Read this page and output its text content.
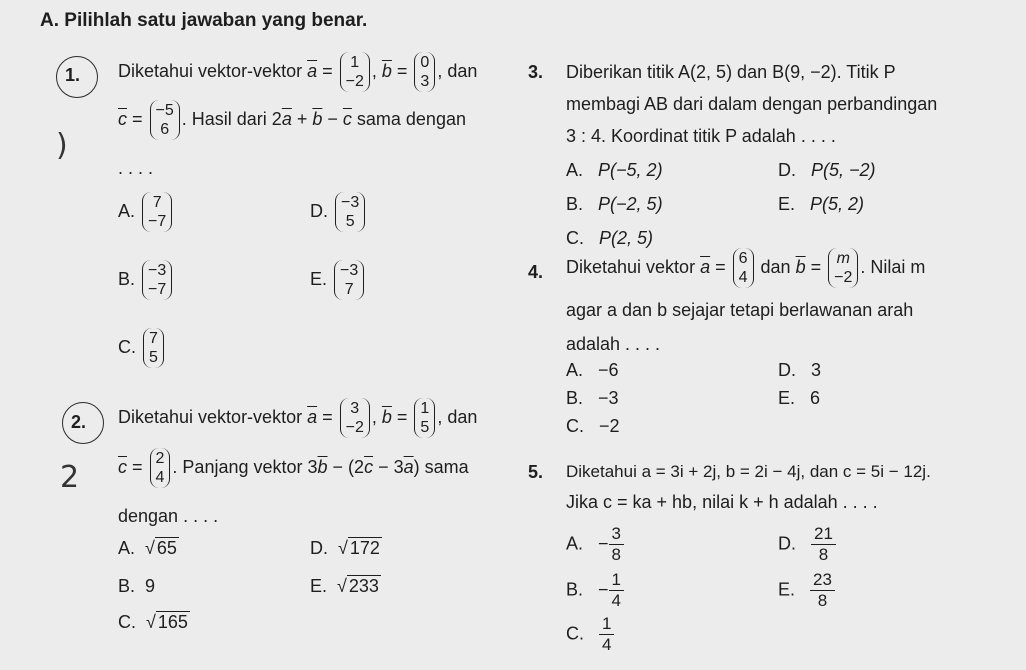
A. Pilihlah satu jawaban yang benar.
1. Diketahui vektor-vektor $\overline{a} = 1$
−2
, $\overline{b} = 0$
3
, dan
$\overline{c} = -5$
6
. Hasil dari $2\overline{a} + \overline{b} - \overline{c}$ sama dengan
. . . .
)
A. 7
−7
B. −3
−7
C. 7
5
D. −3
5
E. −3
7
2. Diketahui vektor-vektor $\overline{a} = 3$
−2
, $\overline{b} = 1$
5
, dan
$\overline{c} = 2$
4
. Panjang vektor $3\overline{b} - (2\overline{c} - 3\overline{a})$ sama
2
dengan . . . .
A.  √ 65
B. 9
C.  √ 165
D.  √ 172
E.  √ 233
3. Diberikan titik A(2, 5) dan B(9, −2). Titik P
membagi AB dari dalam dengan perbandingan
3 : 4. Koordinat titik P adalah . . . .
A. P(−5, 2)
B. P(−2, 5)
C. P(2, 5)
D. P(5, −2)
E. P(5, 2)
4. Diketahui vektor $\overline{a} = 6$
4
dan $\overline{b} = m$
−2
. Nilai m
agar a dan b sejajar tetapi berlawanan arah
adalah . . . .
A. −6
B. −3
C. −2
D. 3
E. 6
5. Diketahui a = 3i + 2j, b = 2i − 4j, dan c = 5i − 12j.
Jika c = ka + hb, nilai k + h adalah . . . .
A. − $\frac{3}{8}$
B. − $\frac{1}{4}$
C. $\frac{1}{4}$
D. $\frac{21}{8}$
E. $\frac{23}{8}$
